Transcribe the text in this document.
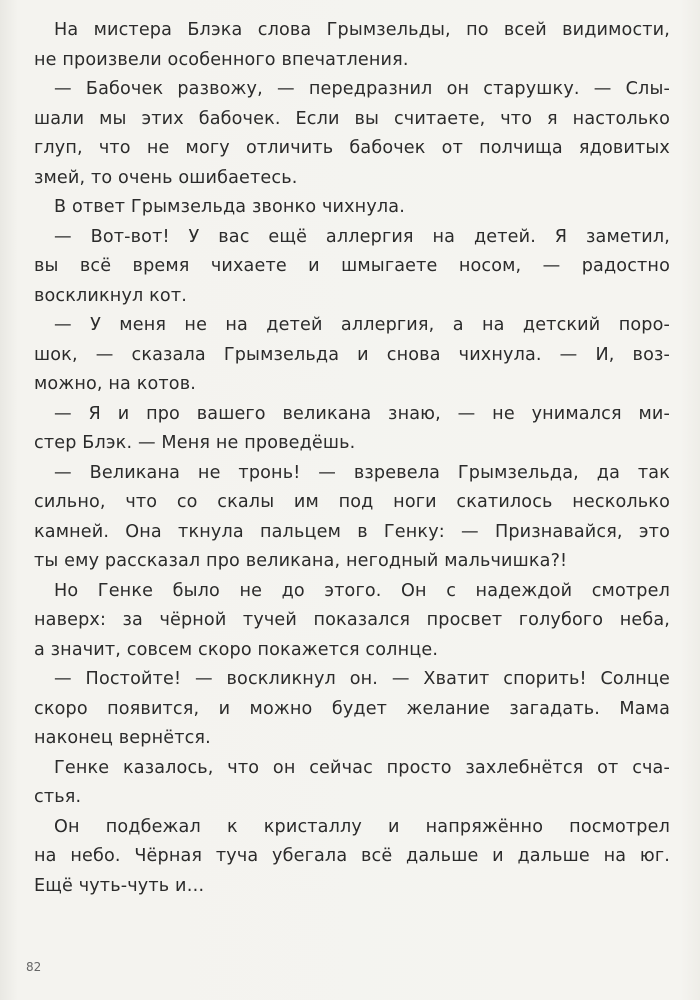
На мистера Блэка слова Грымзельды, по всей видимости,
не произвели особенного впечатления.
— Бабочек развожу, — передразнил он старушку. — Слы-
шали мы этих бабочек. Если вы считаете, что я настолько
глуп, что не могу отличить бабочек от полчища ядовитых
змей, то очень ошибаетесь.
В ответ Грымзельда звонко чихнула.
— Вот-вот! У вас ещё аллергия на детей. Я заметил,
вы всё время чихаете и шмыгаете носом, — радостно
воскликнул кот.
— У меня не на детей аллергия, а на детский поро-
шок, — сказала Грымзельда и снова чихнула. — И, воз-
можно, на котов.
— Я и про вашего великана знаю, — не унимался ми-
стер Блэк. — Меня не проведёшь.
— Великана не тронь! — взревела Грымзельда, да так
сильно, что со скалы им под ноги скатилось несколько
камней. Она ткнула пальцем в Генку: — Признавайся, это
ты ему рассказал про великана, негодный мальчишка?!
Но Генке было не до этого. Он с надеждой смотрел
наверх: за чёрной тучей показался просвет голубого неба,
а значит, совсем скоро покажется солнце.
— Постойте! — воскликнул он. — Хватит спорить! Солнце
скоро появится, и можно будет желание загадать. Мама
наконец вернётся.
Генке казалось, что он сейчас просто захлебнётся от сча-
стья.
Он подбежал к кристаллу и напряжённо посмотрел
на небо. Чёрная туча убегала всё дальше и дальше на юг.
Ещё чуть-чуть и…
82
